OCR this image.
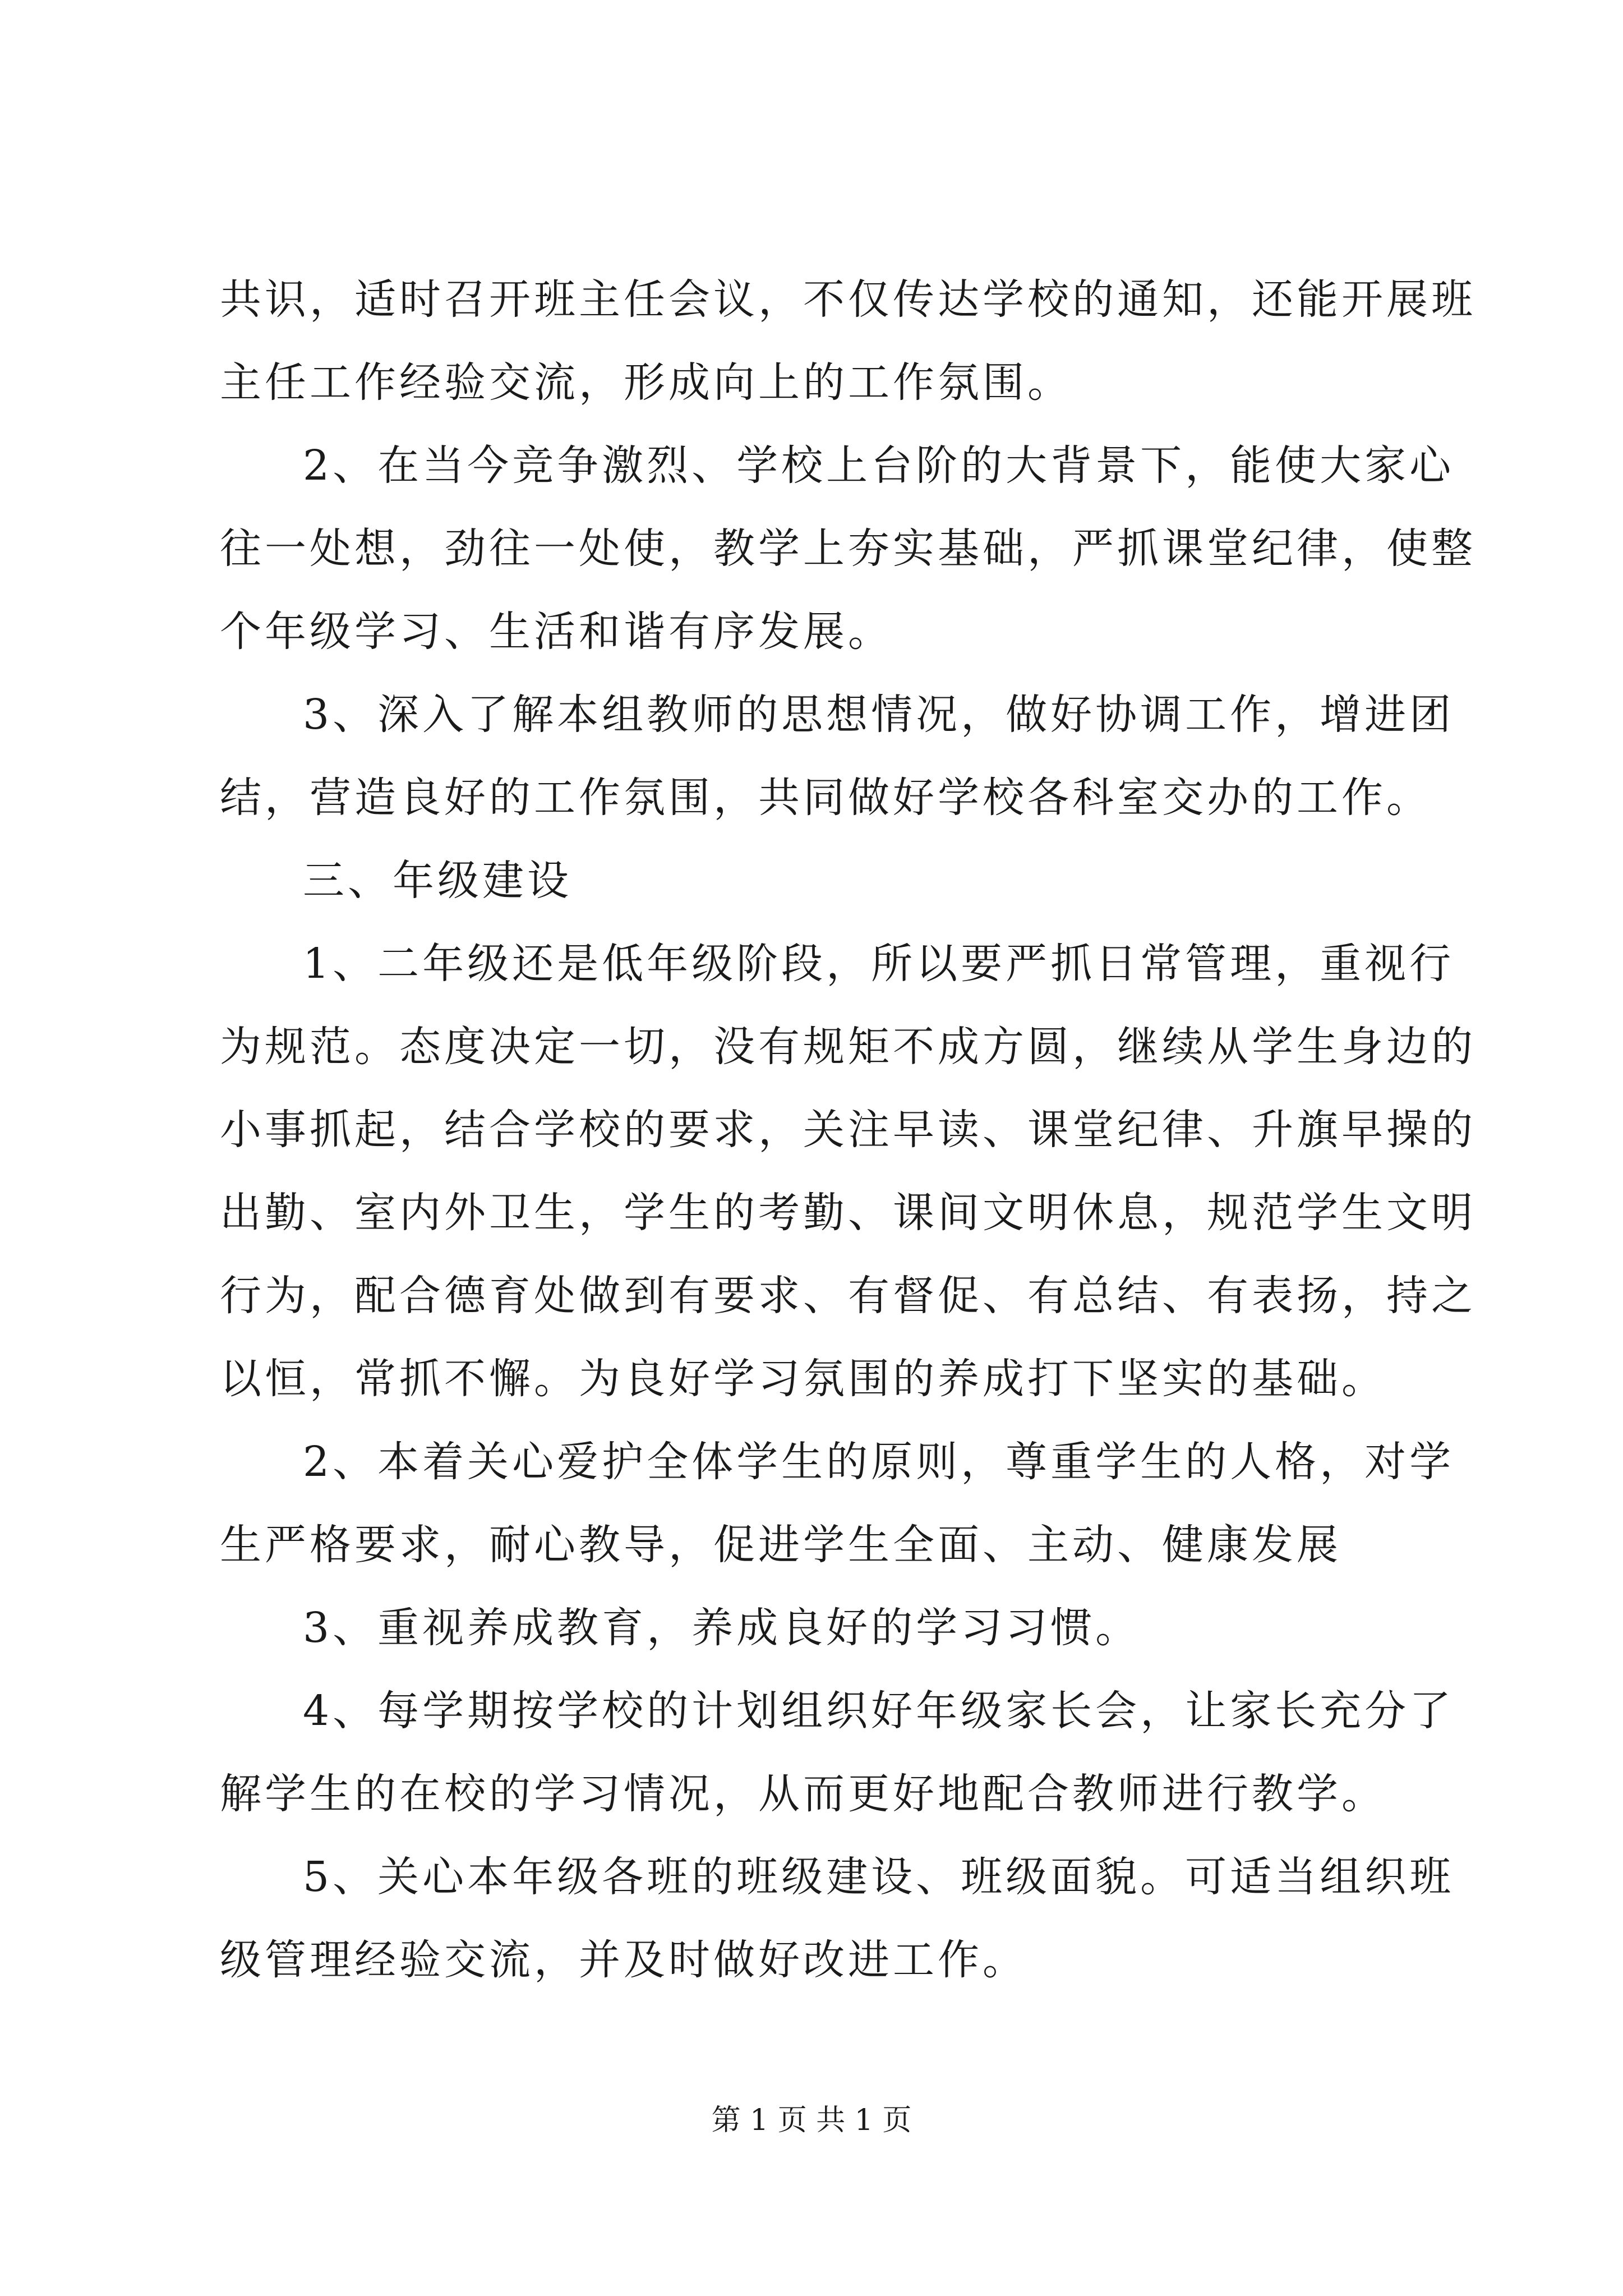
共识，适时召开班主任会议，不仅传达学校的通知，还能开展班
主任工作经验交流，形成向上的工作氛围。
2、在当今竞争激烈、学校上台阶的大背景下，能使大家心
往一处想，劲往一处使，教学上夯实基础，严抓课堂纪律，使整
个年级学习、生活和谐有序发展。
3、深入了解本组教师的思想情况，做好协调工作，增进团
结，营造良好的工作氛围，共同做好学校各科室交办的工作。
三、年级建设
1、二年级还是低年级阶段，所以要严抓日常管理，重视行
为规范。态度决定一切，没有规矩不成方圆，继续从学生身边的
小事抓起，结合学校的要求，关注早读、课堂纪律、升旗早操的
出勤、室内外卫生，学生的考勤、课间文明休息，规范学生文明
行为，配合德育处做到有要求、有督促、有总结、有表扬，持之
以恒，常抓不懈。为良好学习氛围的养成打下坚实的基础。
2、本着关心爱护全体学生的原则，尊重学生的人格，对学
生严格要求，耐心教导，促进学生全面、主动、健康发展
3、重视养成教育，养成良好的学习习惯。
4、每学期按学校的计划组织好年级家长会，让家长充分了
解学生的在校的学习情况，从而更好地配合教师进行教学。
5、关心本年级各班的班级建设、班级面貌。可适当组织班
级管理经验交流，并及时做好改进工作。
第 1 页 共 1 页
